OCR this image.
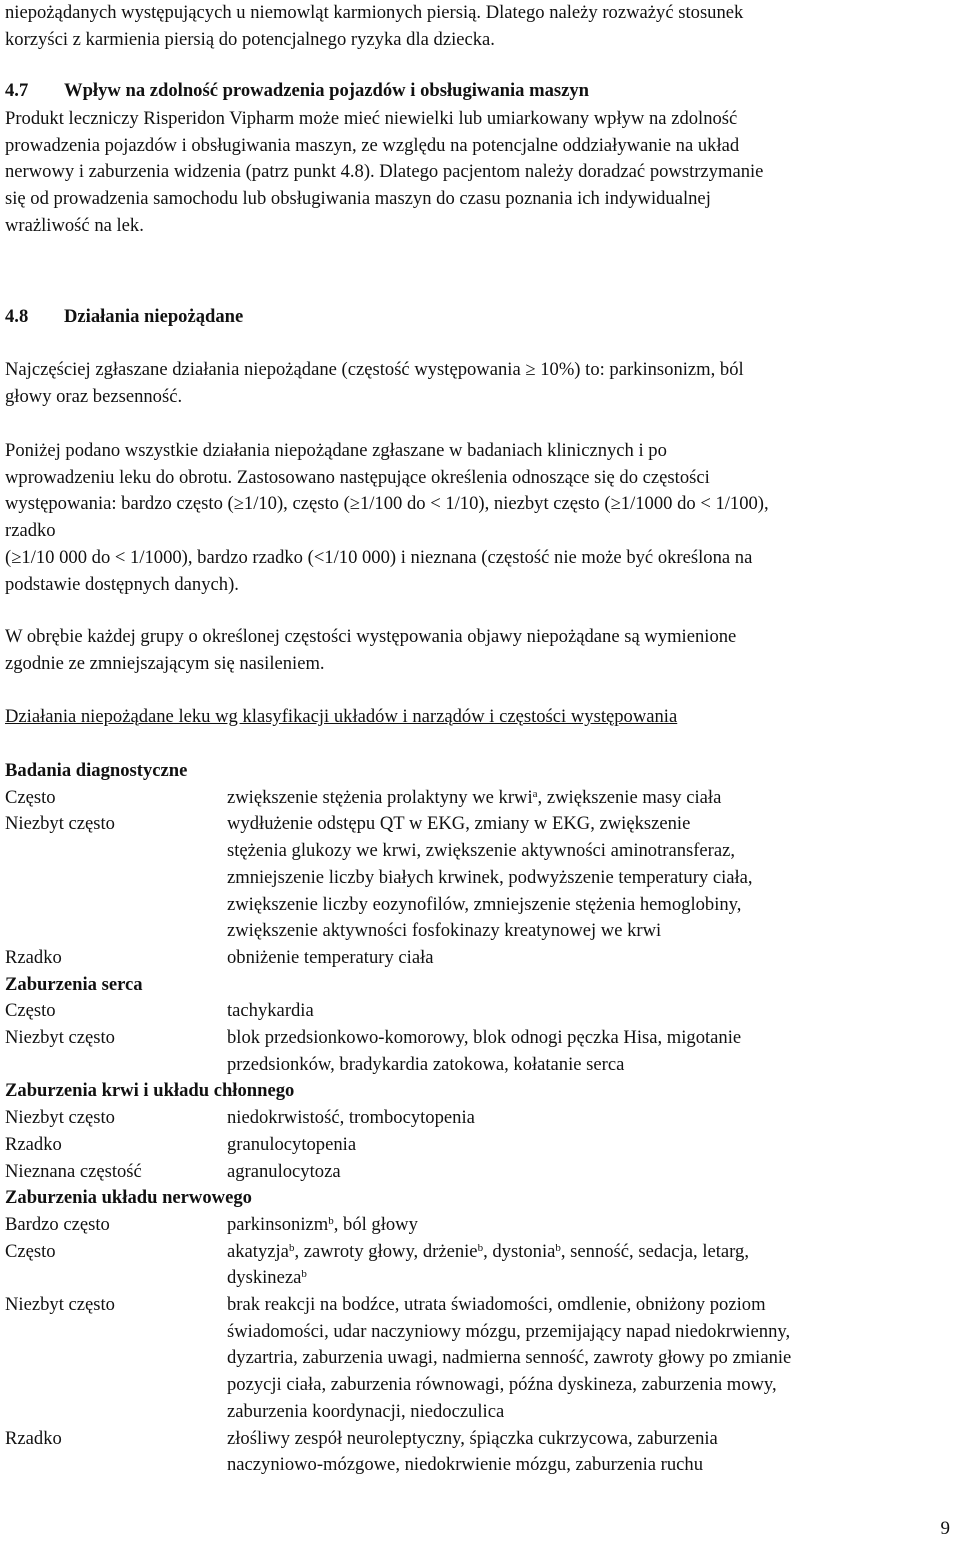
niepożądanych występujących u niemowląt karmionych piersią. Dlatego należy rozważyć stosunek

korzyści z karmienia piersią do potencjalnego ryzyka dla dziecka.

4.7 Wpływ na zdolność prowadzenia pojazdów i obsługiwania maszyn

Produkt leczniczy Risperidon Vipharm może mieć niewielki lub umiarkowany wpływ na zdolność

prowadzenia pojazdów i obsługiwania maszyn, ze względu na potencjalne oddziaływanie na układ

nerwowy i zaburzenia widzenia (patrz punkt 4.8). Dlatego pacjentom należy doradzać powstrzymanie

się od prowadzenia samochodu lub obsługiwania maszyn do czasu poznania ich indywidualnej

wrażliwość na lek.

4.8 Działania niepożądane

Najczęściej zgłaszane działania niepożądane (częstość występowania ≥ 10%) to: parkinsonizm, ból

głowy oraz bezsenność.

Poniżej podano wszystkie działania niepożądane zgłaszane w badaniach klinicznych i po

wprowadzeniu leku do obrotu. Zastosowano następujące określenia odnoszące się do częstości

występowania: bardzo często (≥1/10), często (≥1/100 do < 1/10), niezbyt często (≥1/1000 do < 1/100),

rzadko

(≥1/10 000 do < 1/1000), bardzo rzadko (<1/10 000) i nieznana (częstość nie może być określona na

podstawie dostępnych danych).

W obrębie każdej grupy o określonej częstości występowania objawy niepożądane są wymienione

zgodnie ze zmniejszającym się nasileniem.

Działania niepożądane leku wg klasyfikacji układów i narządów i częstości występowania

Badania diagnostyczne
Często	zwiększenie stężenia prolaktyny we krwi$^a$, zwiększenie masy ciała
Niezbyt często	wydłużenie odstępu QT w EKG, zmiany w EKG, zwiększenie
stężenia glukozy we krwi, zwiększenie aktywności aminotransferaz,
zmniejszenie liczby białych krwinek, podwyższenie temperatury ciała,
zwiększenie liczby eozynofilów, zmniejszenie stężenia hemoglobiny,
zwiększenie aktywności fosfokinazy kreatynowej we krwi
Rzadko	obniżenie temperatury ciała
Zaburzenia serca
Często	tachykardia
Niezbyt często	blok przedsionkowo-komorowy, blok odnogi pęczka Hisa, migotanie
przedsionków, bradykardia zatokowa, kołatanie serca
Zaburzenia krwi i układu chłonnego
Niezbyt często	niedokrwistość, trombocytopenia
Rzadko	granulocytopenia
Nieznana częstość	agranulocytoza
Zaburzenia układu nerwowego
Bardzo często	parkinsonizm$^b$, ból głowy
Często	akatyzja$^b$, zawroty głowy, drżenie$^b$, dystonia$^b$, senność, sedacja, letarg,
dyskineza$^b$
Niezbyt często	brak reakcji na bodźce, utrata świadomości, omdlenie, obniżony poziom
świadomości, udar naczyniowy mózgu, przemijający napad niedokrwienny,
dyzartria, zaburzenia uwagi, nadmierna senność, zawroty głowy po zmianie
pozycji ciała, zaburzenia równowagi, późna dyskineza, zaburzenia mowy,
zaburzenia koordynacji, niedoczulica
Rzadko	złośliwy zespół neuroleptyczny, śpiączka cukrzycowa, zaburzenia
naczyniowo-mózgowe, niedokrwienie mózgu, zaburzenia ruchu
9
